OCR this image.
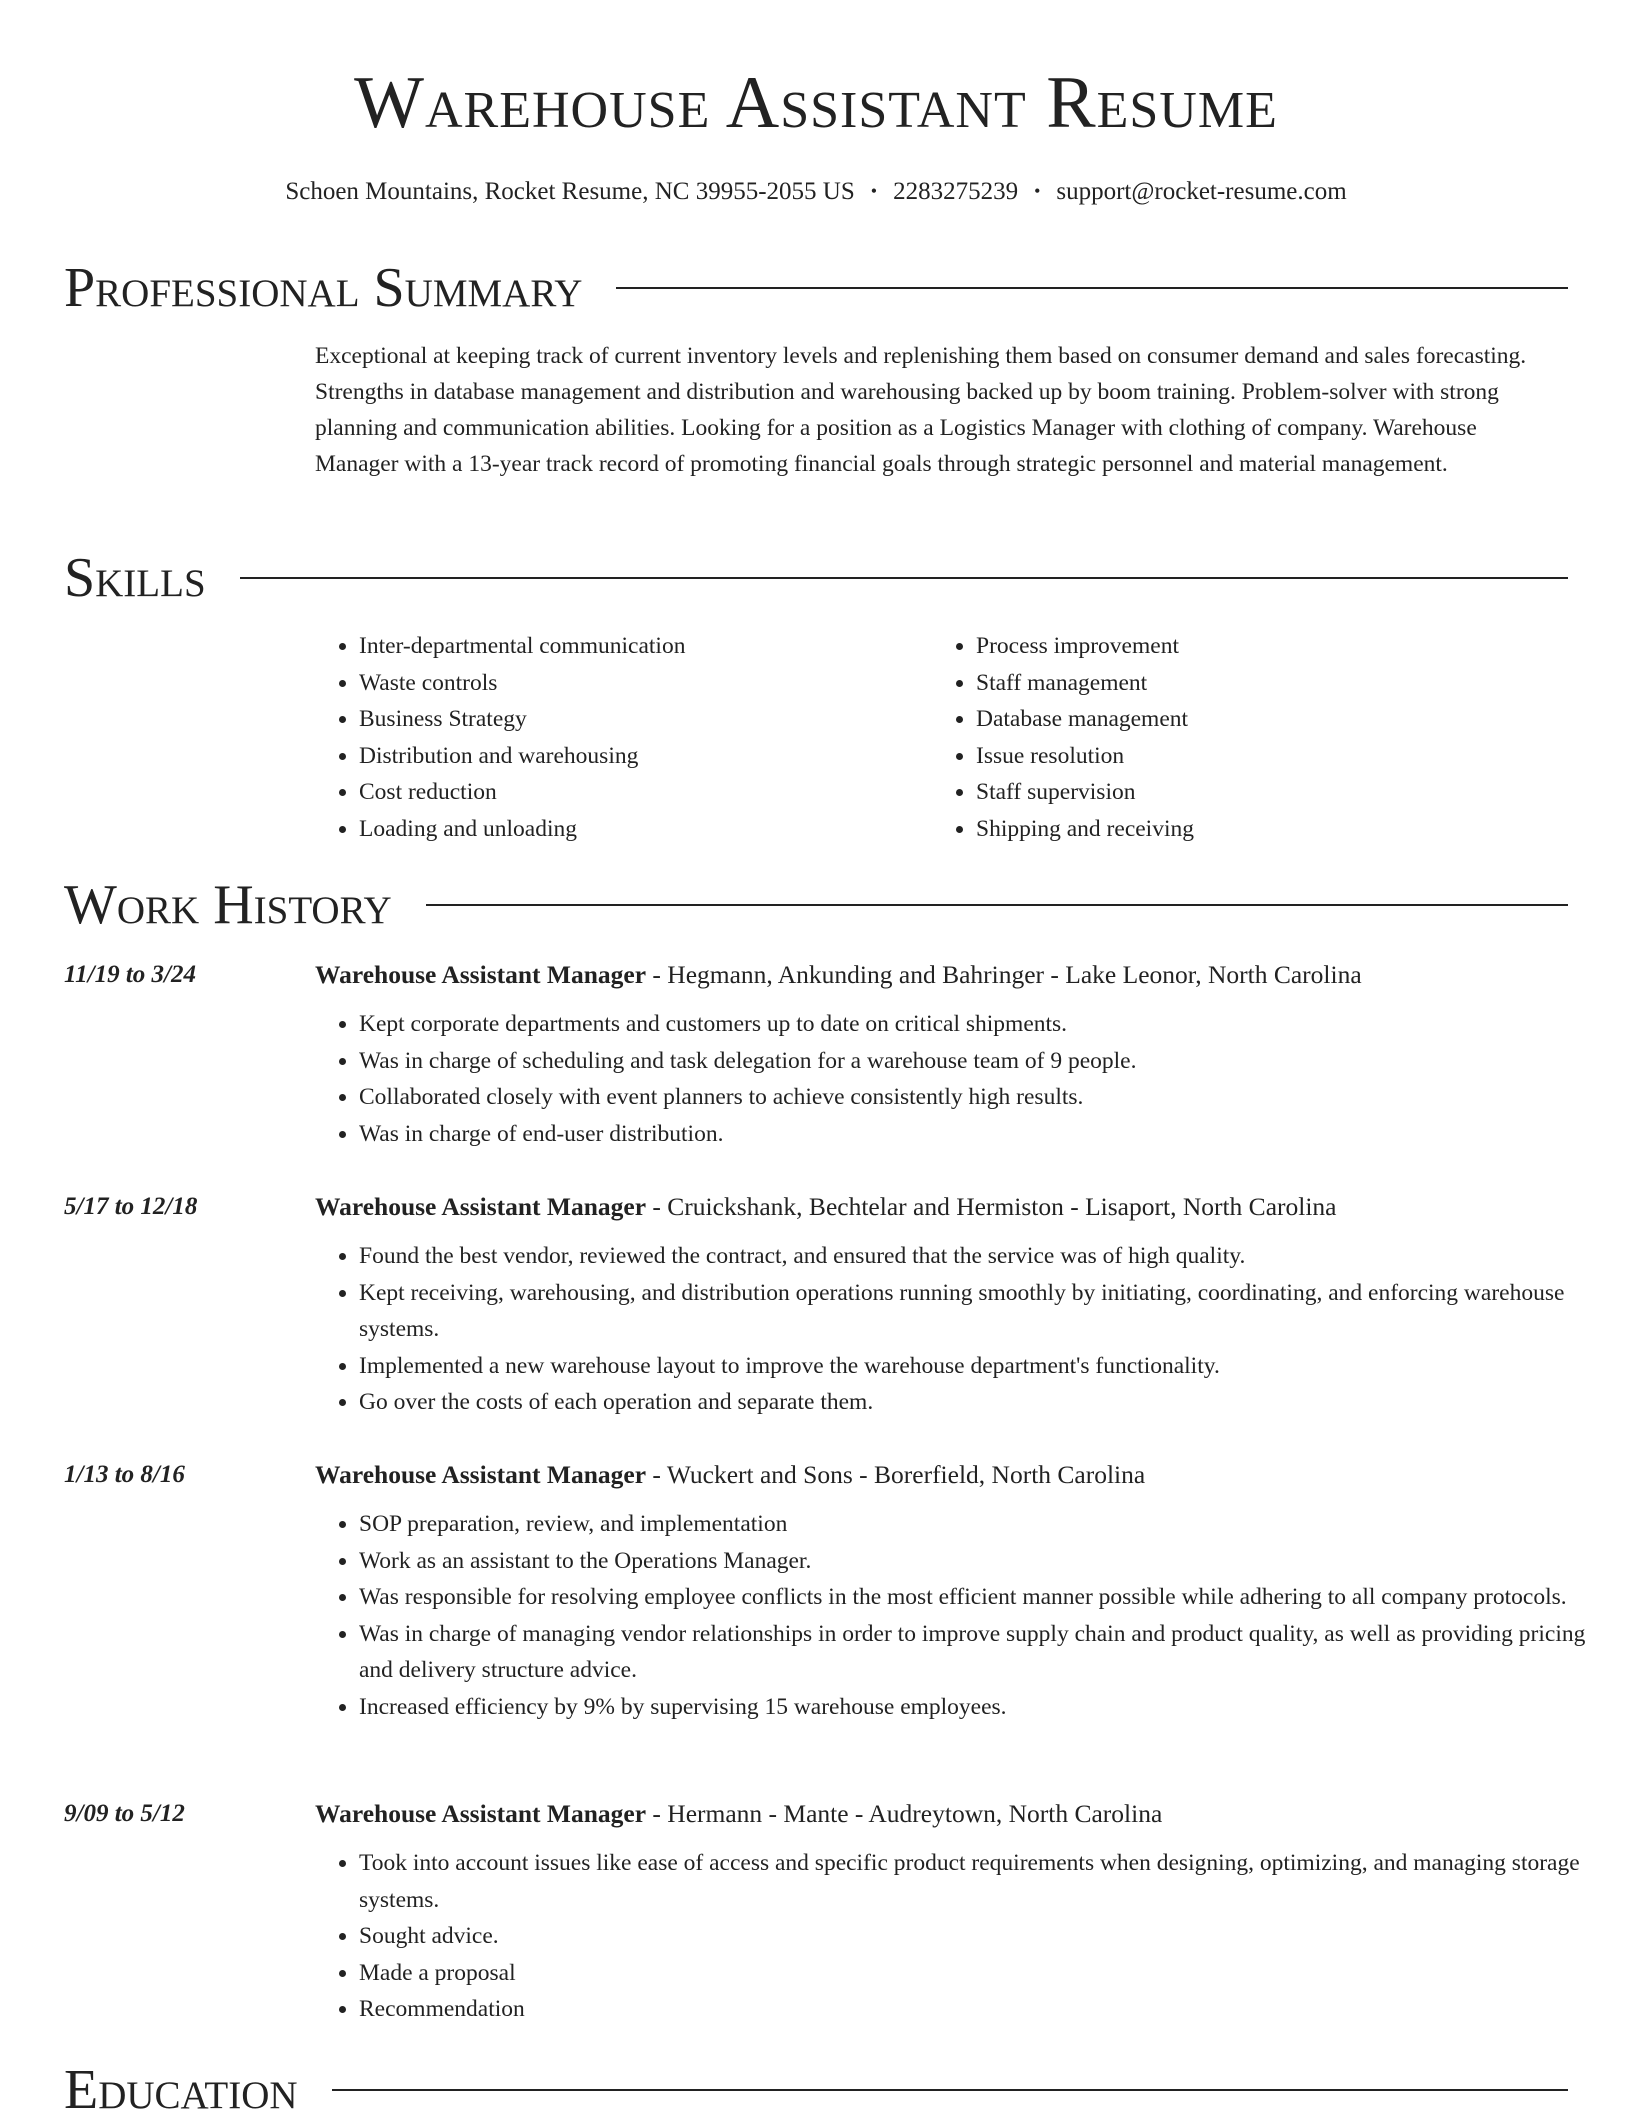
Warehouse Assistant Resume
Schoen Mountains, Rocket Resume, NC 39955-2055 US • 2283275239 • support@rocket-resume.com
Professional Summary

Exceptional at keeping track of current inventory levels and replenishing them based on consumer demand and sales forecasting. Strengths in database management and distribution and warehousing backed up by boom training. Problem-solver with strong planning and communication abilities. Looking for a position as a Logistics Manager with clothing of company. Warehouse Manager with a 13-year track record of promoting financial goals through strategic personnel and material management.

Skills
• Inter-departmental communication
• Waste controls
• Business Strategy
• Distribution and warehousing
• Cost reduction
• Loading and unloading
• Process improvement
• Staff management
• Database management
• Issue resolution
• Staff supervision
• Shipping and receiving
Work History
11/19 to 3/24	Warehouse Assistant Manager - Hegmann, Ankunding and Bahringer - Lake Leonor, North Carolina
• Kept corporate departments and customers up to date on critical shipments.
• Was in charge of scheduling and task delegation for a warehouse team of 9 people.
• Collaborated closely with event planners to achieve consistently high results.
• Was in charge of end-user distribution.
5/17 to 12/18	Warehouse Assistant Manager - Cruickshank, Bechtelar and Hermiston - Lisaport, North Carolina
• Found the best vendor, reviewed the contract, and ensured that the service was of high quality.
• Kept receiving, warehousing, and distribution operations running smoothly by initiating, coordinating, and enforcing warehouse systems.
• Implemented a new warehouse layout to improve the warehouse department's functionality.
• Go over the costs of each operation and separate them.
1/13 to 8/16	Warehouse Assistant Manager - Wuckert and Sons - Borerfield, North Carolina
• SOP preparation, review, and implementation
• Work as an assistant to the Operations Manager.
• Was responsible for resolving employee conflicts in the most efficient manner possible while adhering to all company protocols.
• Was in charge of managing vendor relationships in order to improve supply chain and product quality, as well as providing pricing and delivery structure advice.
• Increased efficiency by 9% by supervising 15 warehouse employees.
9/09 to 5/12	Warehouse Assistant Manager - Hermann - Mante - Audreytown, North Carolina
• Took into account issues like ease of access and specific product requirements when designing, optimizing, and managing storage systems.
• Sought advice.
• Made a proposal
• Recommendation
Education
